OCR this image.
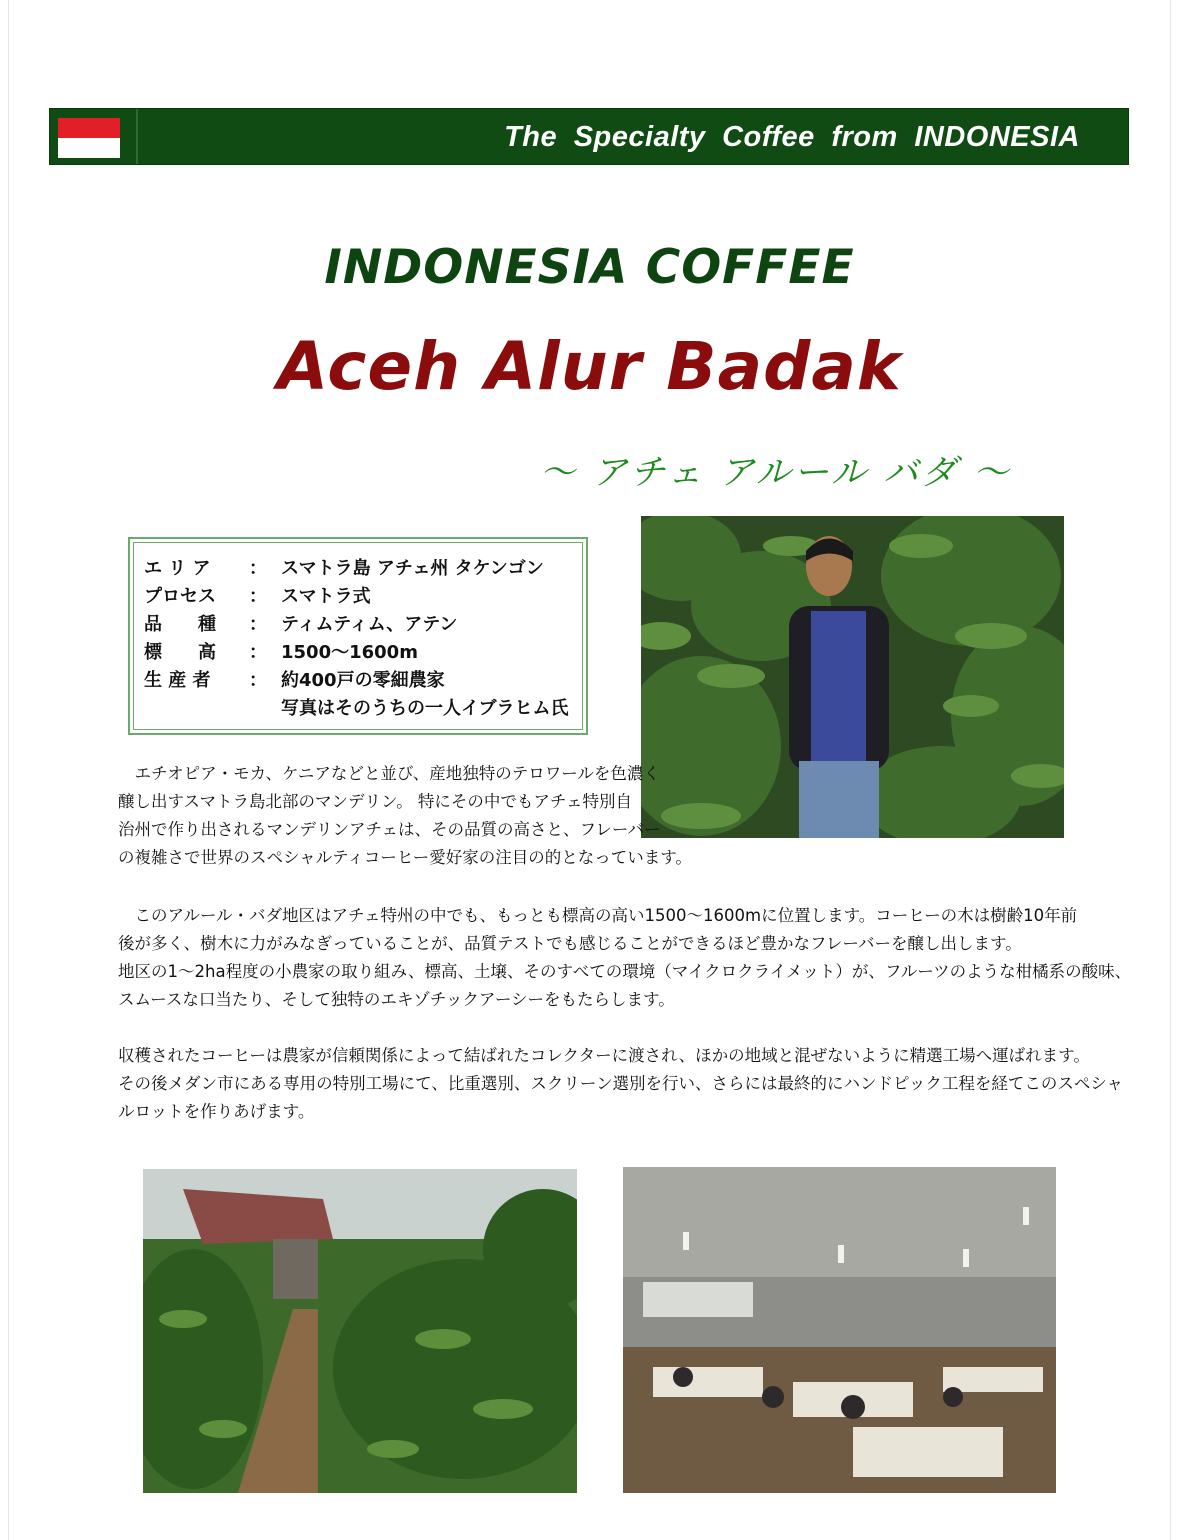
The Specialty Coffee from INDONESIA
INDONESIA COFFEE
Aceh Alur Badak
～ アチェ アルール バダ ～
エ リ ア	： スマトラ島 アチェ州 タケンゴン
プロセス	： スマトラ式
品　　種	： ティムティム、アテン
標　　高	： 1500〜1600m
生 産 者	： 約400戸の零細農家
写真はそのうちの一人イブラヒム氏
　エチオピア・モカ、ケニアなどと並び、産地独特のテロワールを色濃く
醸し出すスマトラ島北部のマンデリン。 特にその中でもアチェ特別自
治州で作り出されるマンデリンアチェは、その品質の高さと、フレーバー
の複雑さで世界のスペシャルティコーヒー愛好家の注目の的となっています。
　このアルール・バダ地区はアチェ特州の中でも、もっとも標高の高い1500〜1600mに位置します。コーヒーの木は樹齢10年前
後が多く、樹木に力がみなぎっていることが、品質テストでも感じることができるほど豊かなフレーバーを醸し出します。
地区の1〜2ha程度の小農家の取り組み、標高、土壌、そのすべての環境（マイクロクライメット）が、フルーツのような柑橘系の酸味、
スムースな口当たり、そして独特のエキゾチックアーシーをもたらします。
収穫されたコーヒーは農家が信頼関係によって結ばれたコレクターに渡され、ほかの地域と混ぜないように精選工場へ運ばれます。
その後メダン市にある専用の特別工場にて、比重選別、スクリーン選別を行い、さらには最終的にハンドピック工程を経てこのスペシャ
ルロットを作りあげます。
